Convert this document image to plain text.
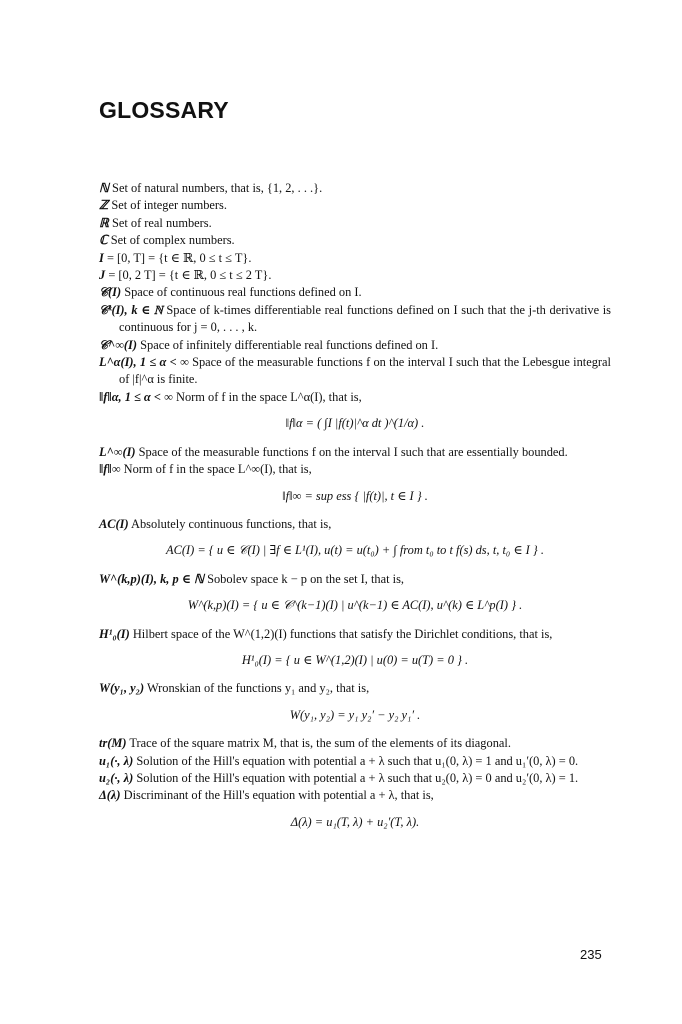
GLOSSARY
ℕ Set of natural numbers, that is, {1, 2, . . .}.
ℤ Set of integer numbers.
ℝ Set of real numbers.
ℂ Set of complex numbers.
I = [0, T] = {t ∈ ℝ, 0 ≤ t ≤ T}.
J = [0, 2 T] = {t ∈ ℝ, 0 ≤ t ≤ 2 T}.
𝒞(I) Space of continuous real functions defined on I.
𝒞ᵏ(I), k ∈ ℕ Space of k-times differentiable real functions defined on I such that the j-th derivative is continuous for j = 0, . . . , k.
𝒞^∞(I) Space of infinitely differentiable real functions defined on I.
L^α(I), 1 ≤ α < ∞ Space of the measurable functions f on the interval I such that the Lebesgue integral of |f|^α is finite.
‖f‖α, 1 ≤ α < ∞ Norm of f in the space L^α(I), that is,
‖f‖α = ( ∫I |f(t)|^α dt )^(1/α) .
L^∞(I) Space of the measurable functions f on the interval I such that are essentially bounded.
‖f‖∞ Norm of f in the space L^∞(I), that is,
‖f‖∞ = sup ess { |f(t)|, t ∈ I } .
AC(I) Absolutely continuous functions, that is,
AC(I) = { u ∈ 𝒞(I) | ∃f ∈ L¹(I), u(t) = u(t₀) + ∫ from t₀ to t f(s) ds, t, t₀ ∈ I } .
W^(k,p)(I), k, p ∈ ℕ Sobolev space k − p on the set I, that is,
W^(k,p)(I) = { u ∈ 𝒞^(k−1)(I) | u^(k−1) ∈ AC(I), u^(k) ∈ L^p(I) } .
H¹₀(I) Hilbert space of the W^(1,2)(I) functions that satisfy the Dirichlet conditions, that is,
H¹₀(I) = { u ∈ W^(1,2)(I) | u(0) = u(T) = 0 } .
W(y₁, y₂) Wronskian of the functions y₁ and y₂, that is,
W(y₁, y₂) = y₁ y₂′ − y₂ y₁′ .
tr(M) Trace of the square matrix M, that is, the sum of the elements of its diagonal.
u₁(·, λ) Solution of the Hill's equation with potential a + λ such that u₁(0, λ) = 1 and u₁′(0, λ) = 0.
u₂(·, λ) Solution of the Hill's equation with potential a + λ such that u₂(0, λ) = 0 and u₂′(0, λ) = 1.
Δ(λ) Discriminant of the Hill's equation with potential a + λ, that is,
Δ(λ) = u₁(T, λ) + u₂′(T, λ).
235
